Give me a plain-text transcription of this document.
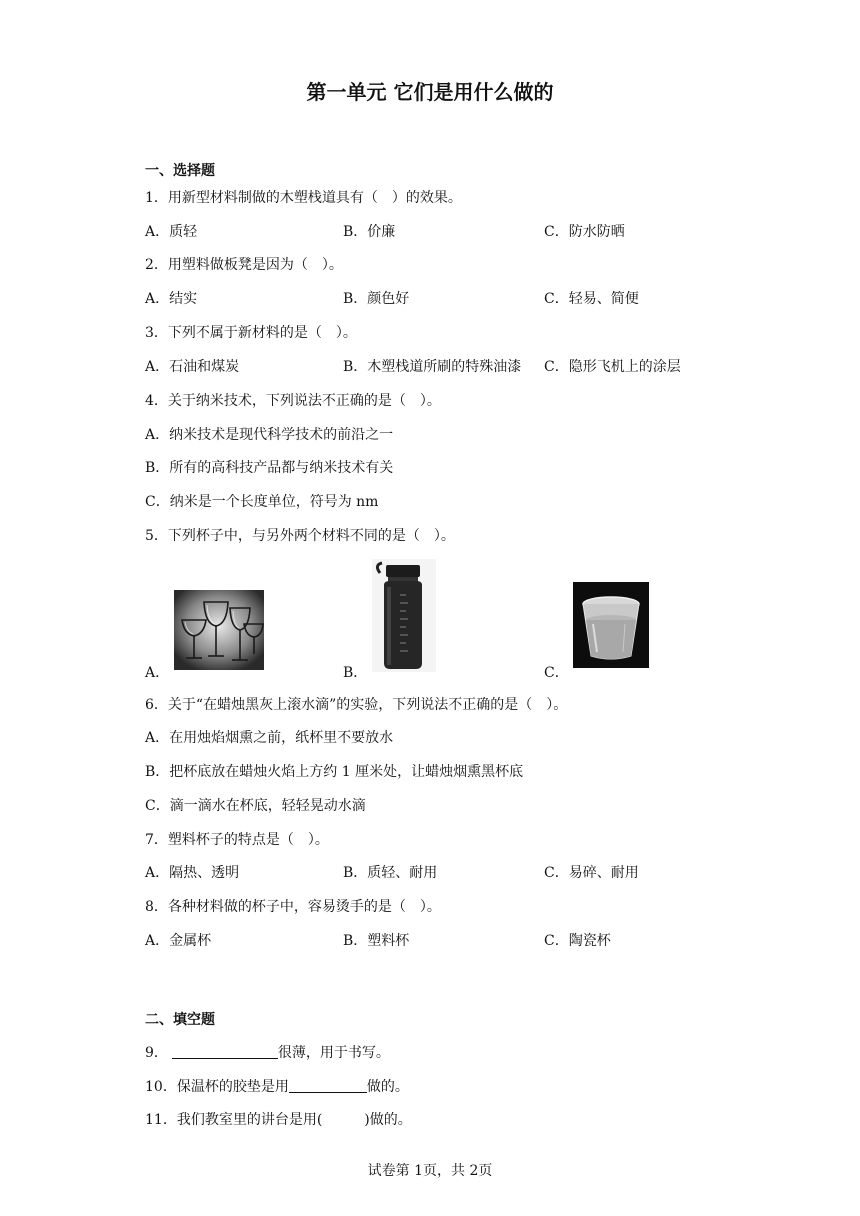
第一单元 它们是用什么做的
一、选择题
1．用新型材料制做的木塑栈道具有（　）的效果。
A．质轻	B．价廉	C．防水防晒
2．用塑料做板凳是因为（　）。
A．结实	B．颜色好	C．轻易、简便
3．下列不属于新材料的是（　）。
A．石油和煤炭	B．木塑栈道所刷的特殊油漆 C．隐形飞机上的涂层
4．关于纳米技术，下列说法不正确的是（　）。
A．纳米技术是现代科学技术的前沿之一
B．所有的高科技产品都与纳米技术有关
C．纳米是一个长度单位，符号为 nm
5．下列杯子中，与另外两个材料不同的是（　）。
A．	B．	C．
6．关于“在蜡烛黑灰上滚水滴”的实验，下列说法不正确的是（　）。
A．在用烛焰烟熏之前，纸杯里不要放水
B．把杯底放在蜡烛火焰上方约 1 厘米处，让蜡烛烟熏黑杯底
C．滴一滴水在杯底，轻轻晃动水滴
7．塑料杯子的特点是（　）。
A．隔热、透明	B．质轻、耐用	C．易碎、耐用
8．各种材料做的杯子中，容易烫手的是（　）。
A．金属杯	B．塑料杯	C．陶瓷杯
二、填空题
9．	很薄，用于书写。
10．保温杯的胶垫是用	做的。
11．我们教室里的讲台是用(　　　)做的。
试卷第 1页，共 2页
